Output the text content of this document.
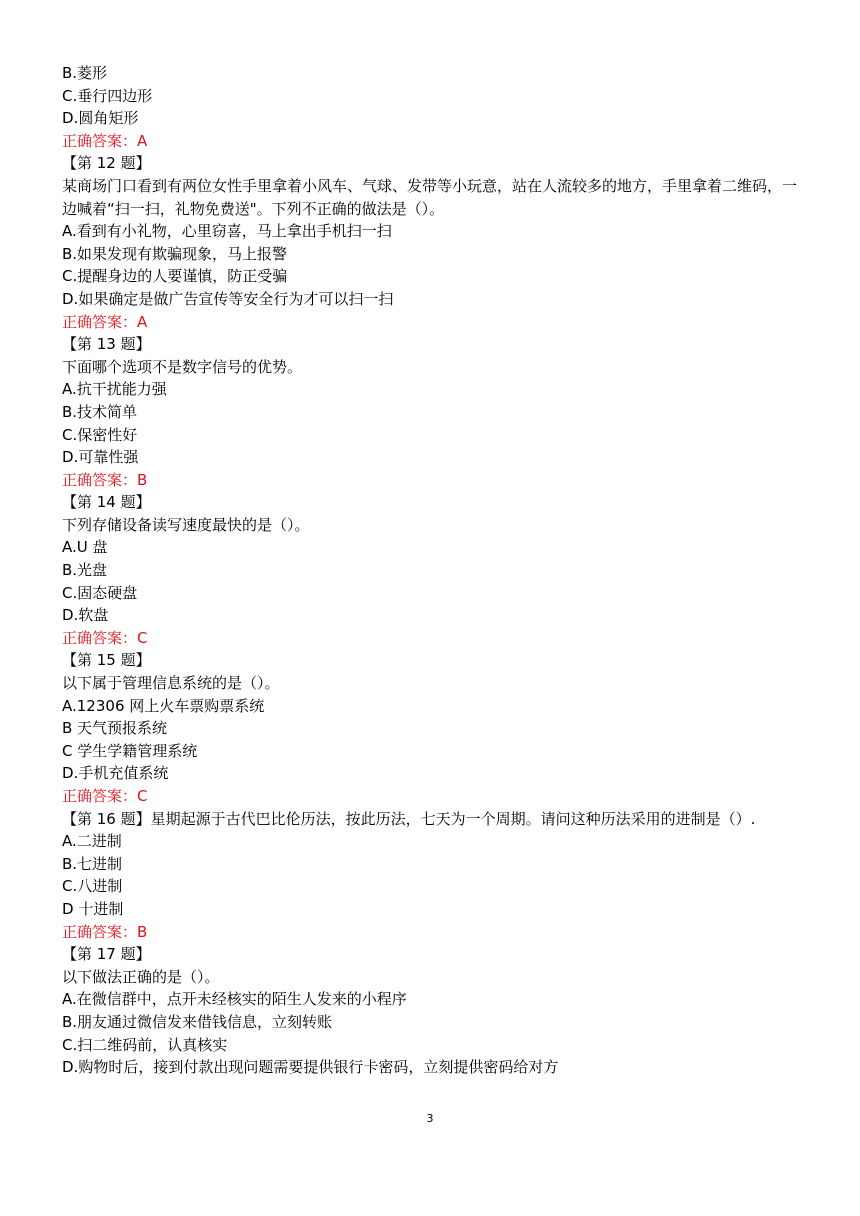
B.菱形
C.垂行四边形
D.圆角矩形
正确答案：A
【第 12 题】
某商场门口看到有两位女性手里拿着小风车、气球、发带等小玩意，站在人流较多的地方，手里拿着二维码，一边喊着“扫一扫，礼物免费送"。下列不正确的做法是（）。
A.看到有小礼物，心里窃喜，马上拿出手机扫一扫
B.如果发现有欺骗现象，马上报警
C.提醒身边的人要谨慎，防正受骗
D.如果确定是做广告宣传等安全行为才可以扫一扫
正确答案：A
【第 13 题】
下面哪个选项不是数字信号的优势。
A.抗干扰能力强
B.技术简单
C.保密性好
D.可靠性强
正确答案：B
【第 14 题】
下列存储设备读写速度最快的是（）。
A.U 盘
B.光盘
C.固态硬盘
D.软盘
正确答案：C
【第 15 题】
以下属于管理信息系统的是（）。
A.12306 网上火车票购票系统
B 天气预报系统
C 学生学籍管理系统
D.手机充值系统
正确答案：C
【第 16 题】星期起源于古代巴比伦历法，按此历法，七天为一个周期。请问这种历法采用的进制是（）.
A.二进制
B.七进制
C.八进制
D 十进制
正确答案：B
【第 17 题】
以下做法正确的是（）。
A.在微信群中，点开未经核实的陌生人发来的小程序
B.朋友通过微信发来借钱信息，立刻转账
C.扫二维码前，认真核实
D.购物时后，接到付款出现问题需要提供银行卡密码，立刻提供密码给对方
3
